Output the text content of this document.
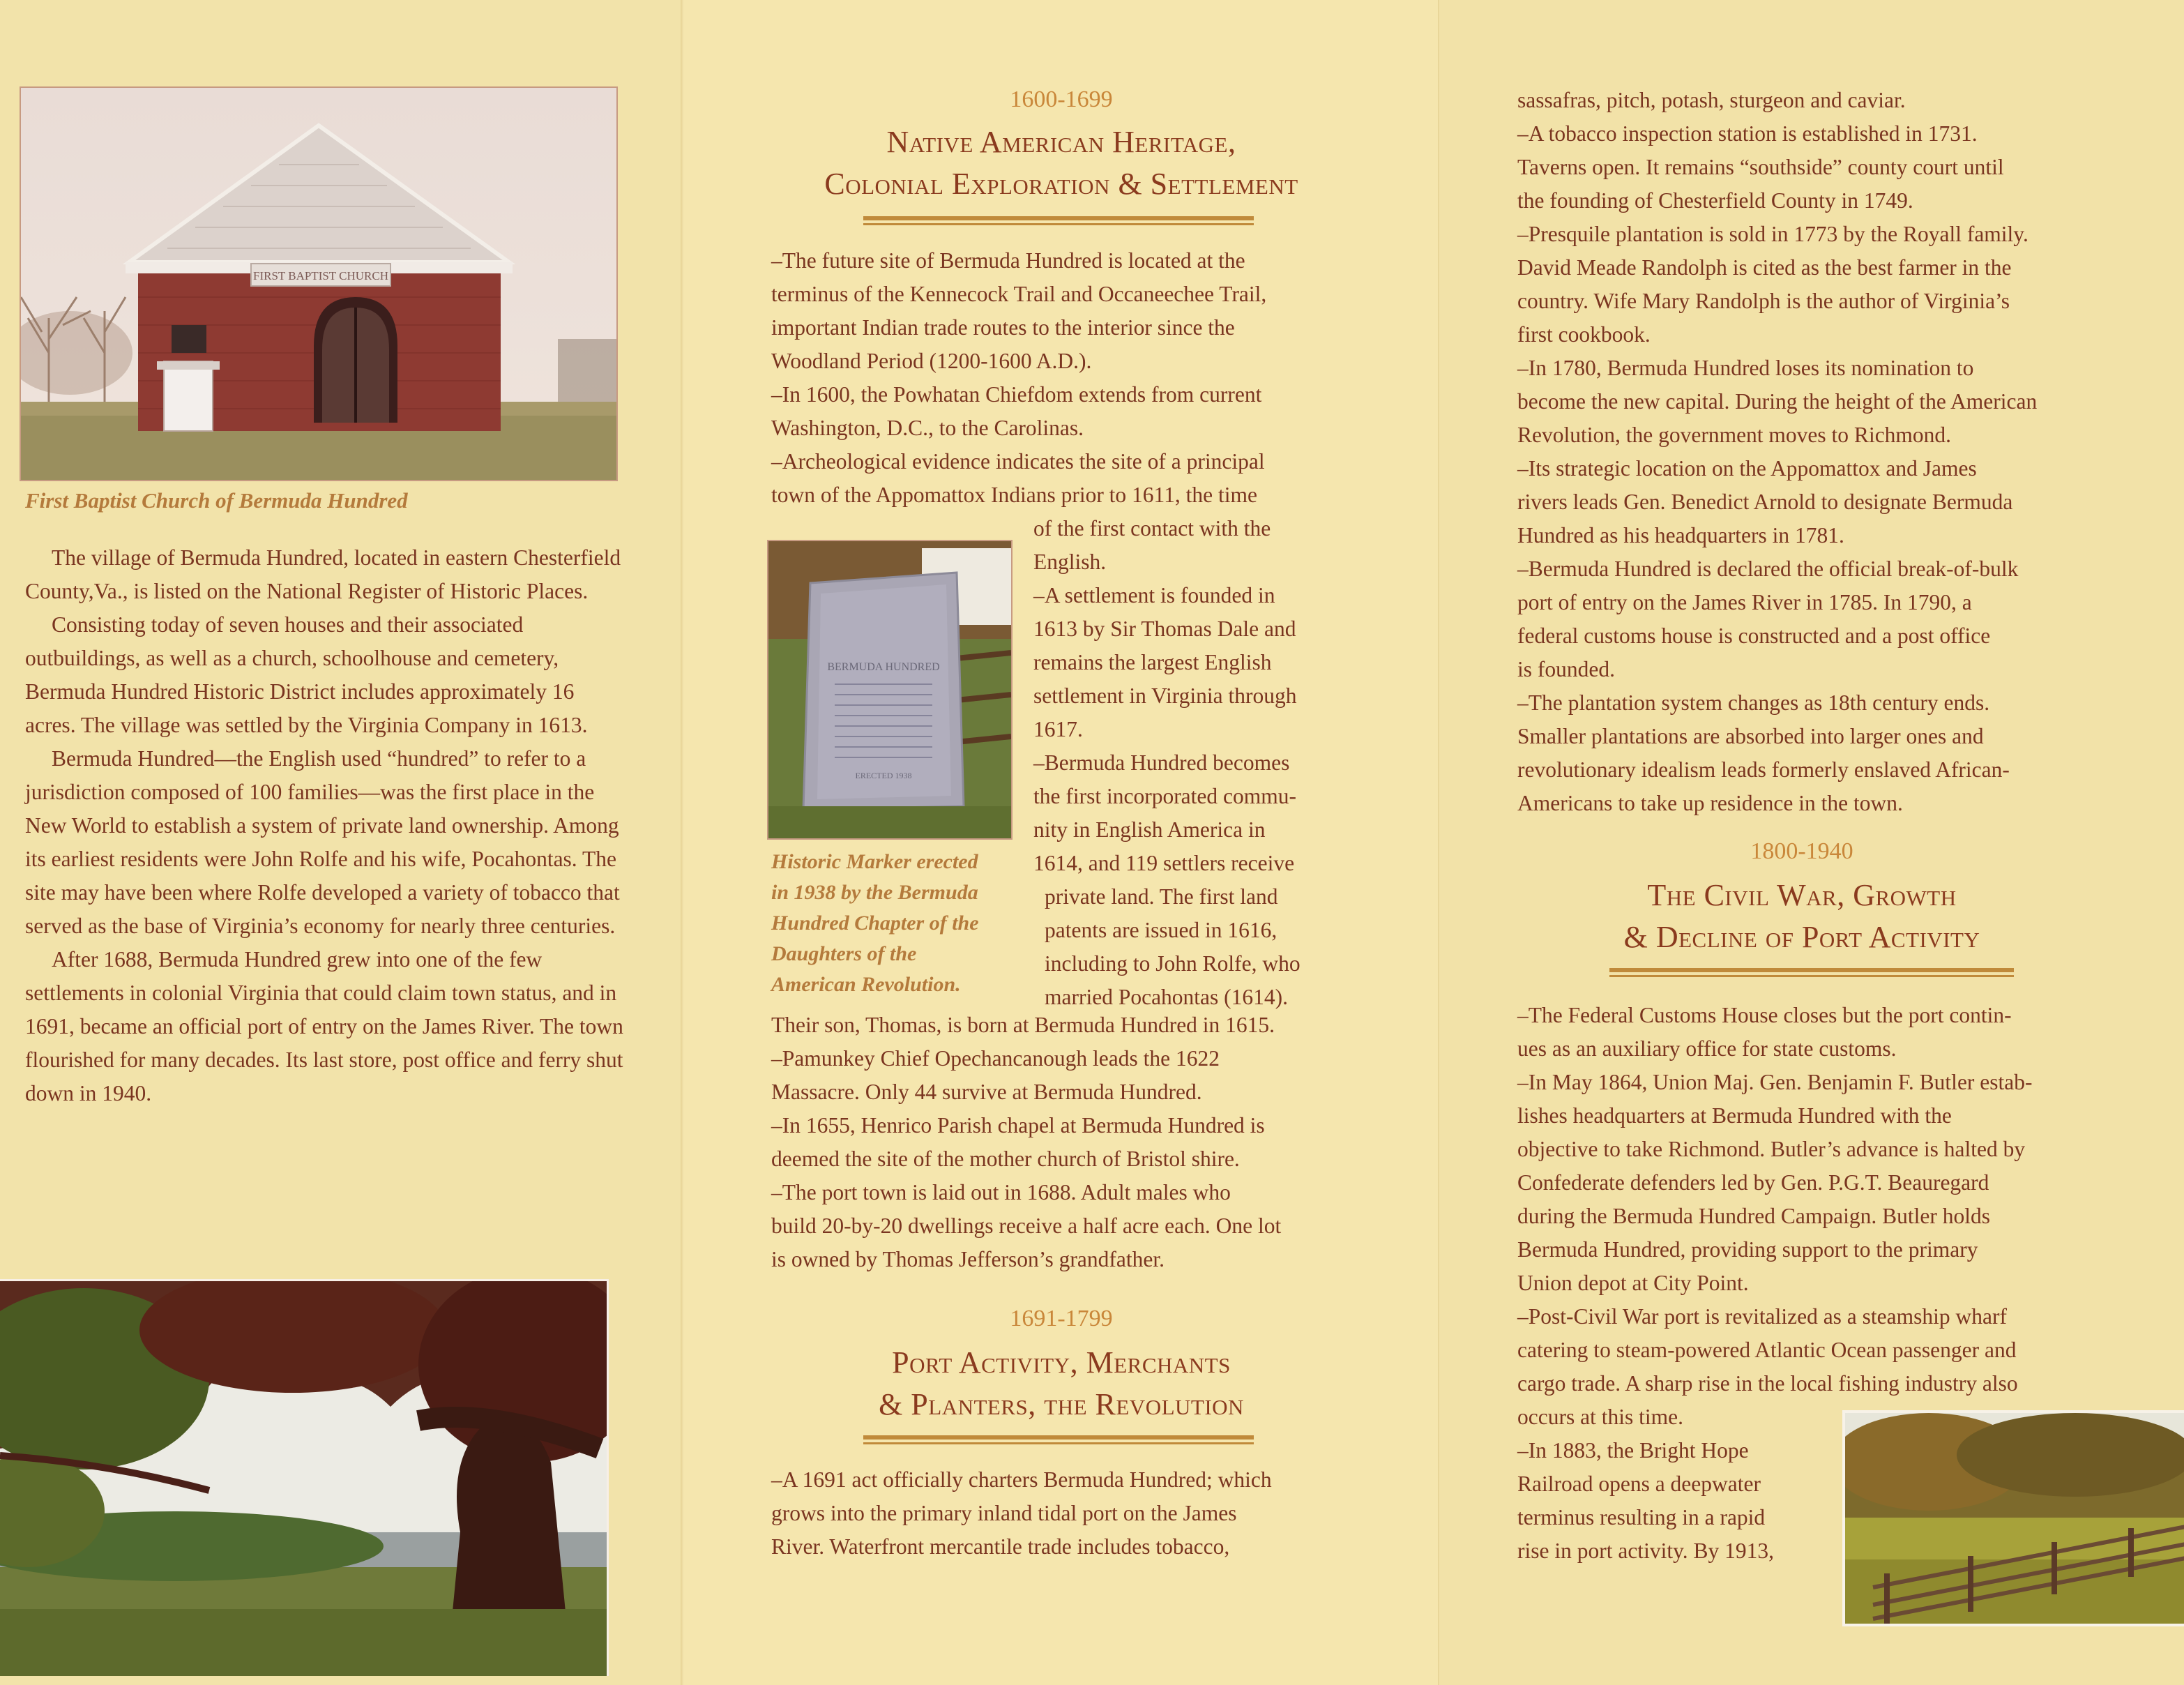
FIRST BAPTIST CHURCH
First Baptist Church of Bermuda Hundred

The village of Bermuda Hundred, located in eastern Chesterfield County,Va., is listed on the National Register of Historic Places.

Consisting today of seven houses and their associated outbuildings, as well as a church, schoolhouse and cemetery, Bermuda Hundred Historic District includes approximately 16 acres. The village was settled by the Virginia Company in 1613.

Bermuda Hundred—the English used “hundred” to refer to a jurisdiction composed of 100 families—was the first place in the New World to establish a system of private land ownership. Among its earliest residents were John Rolfe and his wife, Pocahontas. The site may have been where Rolfe developed a variety of tobacco that served as the base of Virginia’s economy for nearly three centuries.

After 1688, Bermuda Hundred grew into one of the few settlements in colonial Virginia that could claim town status, and in 1691, became an official port of entry on the James River. The town flourished for many decades. Its last store, post office and ferry shut down in 1940.

1600-1699
Native American Heritage,
Colonial Exploration & Settlement
–The future site of Bermuda Hundred is located at the
terminus of the Kennecock Trail and Occaneechee Trail,
important Indian trade routes to the interior since the
Woodland Period (1200-1600 A.D.).
–In 1600, the Powhatan Chiefdom extends from current
Washington, D.C., to the Carolinas.
–Archeological evidence indicates the site of a principal
town of the Appomattox Indians prior to 1611, the time
BERMUDA HUNDRED
ERECTED 1938
of the first contact with the
English.
–A settlement is founded in
1613 by Sir Thomas Dale and
remains the largest English
settlement in Virginia through
1617.
–Bermuda Hundred becomes
the first incorporated commu-
nity in English America in
1614, and 119 settlers receive
private land. The first land
patents are issued in 1616,
including to John Rolfe, who
married Pocahontas (1614).
Historic Marker erected
in 1938 by the Bermuda
Hundred Chapter of the
Daughters of the
American Revolution.
Their son, Thomas, is born at Bermuda Hundred in 1615.
–Pamunkey Chief Opechancanough leads the 1622
Massacre. Only 44 survive at Bermuda Hundred.
–In 1655, Henrico Parish chapel at Bermuda Hundred is
deemed the site of the mother church of Bristol shire.
–The port town is laid out in 1688. Adult males who
build 20-by-20 dwellings receive a half acre each. One lot
is owned by Thomas Jefferson’s grandfather.
1691-1799
Port Activity, Merchants
& Planters, the Revolution
–A 1691 act officially charters Bermuda Hundred; which
grows into the primary inland tidal port on the James
River. Waterfront mercantile trade includes tobacco,
sassafras, pitch, potash, sturgeon and caviar.
–A tobacco inspection station is established in 1731.
Taverns open. It remains “southside” county court until
the founding of Chesterfield County in 1749.
–Presquile plantation is sold in 1773 by the Royall family.
David Meade Randolph is cited as the best farmer in the
country. Wife Mary Randolph is the author of Virginia’s
first cookbook.
–In 1780, Bermuda Hundred loses its nomination to
become the new capital. During the height of the American
Revolution, the government moves to Richmond.
–Its strategic location on the Appomattox and James
rivers leads Gen. Benedict Arnold to designate Bermuda
Hundred as his headquarters in 1781.
–Bermuda Hundred is declared the official break-of-bulk
port of entry on the James River in 1785. In 1790, a
federal customs house is constructed and a post office
is founded.
–The plantation system changes as 18th century ends.
Smaller plantations are absorbed into larger ones and
revolutionary idealism leads formerly enslaved African-
Americans to take up residence in the town.
1800-1940
The Civil War, Growth
& Decline of Port Activity
–The Federal Customs House closes but the port contin-
ues as an auxiliary office for state customs.
–In May 1864, Union Maj. Gen. Benjamin F. Butler estab-
lishes headquarters at Bermuda Hundred with the
objective to take Richmond. Butler’s advance is halted by
Confederate defenders led by Gen. P.G.T. Beauregard
during the Bermuda Hundred Campaign. Butler holds
Bermuda Hundred, providing support to the primary
Union depot at City Point.
–Post-Civil War port is revitalized as a steamship wharf
catering to steam-powered Atlantic Ocean passenger and
cargo trade. A sharp rise in the local fishing industry also
occurs at this time.
–In 1883, the Bright Hope
Railroad opens a deepwater
terminus resulting in a rapid
rise in port activity. By 1913,
